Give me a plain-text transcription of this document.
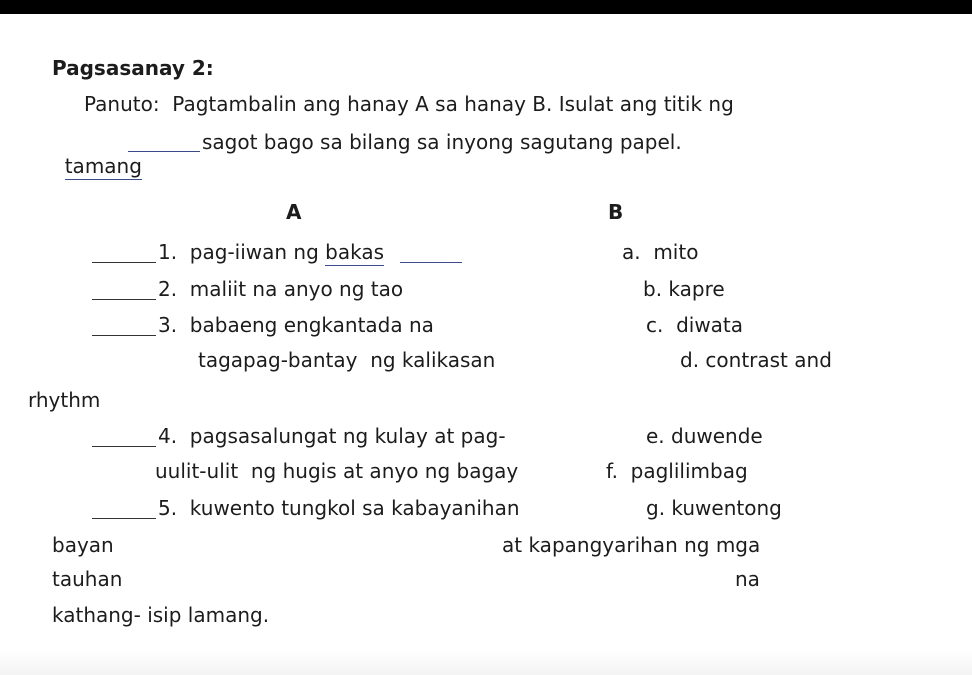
Pagsasanay 2:
Panuto:  Pagtambalin ang hanay A sa hanay B. Isulat ang titik ng

tamang

sagot bago sa bilang sa inyong sagutang papel.
A	B
1.  pag-iiwan ng bakas	a.  mito
2.  maliit na anyo ng tao	b. kapre
3.  babaeng engkantada na	c.  diwata
tagapag-bantay  ng kalikasan	d. contrast and
rhythm
4.  pagsasalungat ng kulay at pag-	e. duwende
uulit-ulit  ng hugis at anyo ng bagay	f.  paglilimbag
5.  kuwento tungkol sa kabayanihan	g. kuwentong
bayan	at kapangyarihan ng mga
tauhan	na
kathang- isip lamang.
